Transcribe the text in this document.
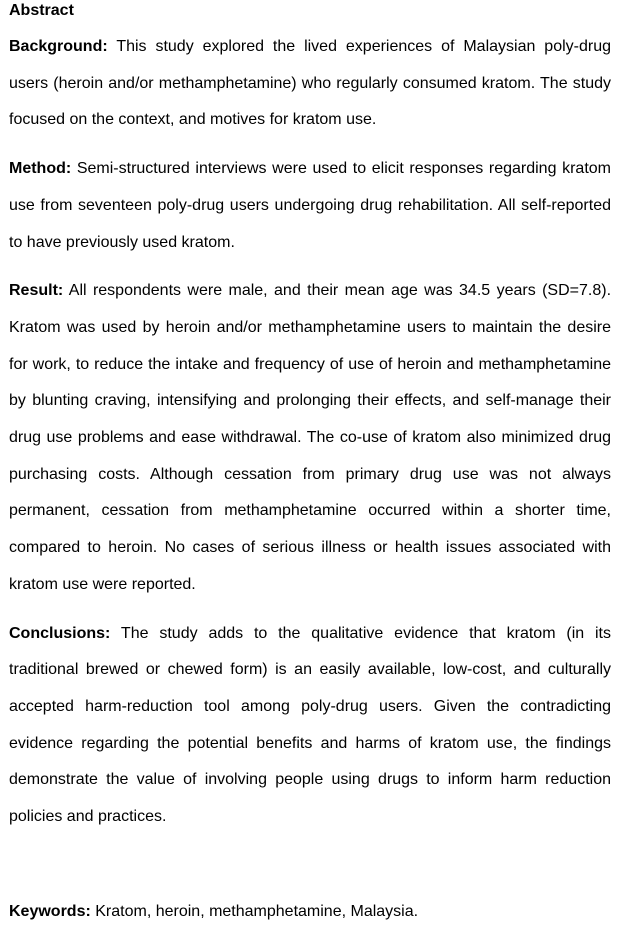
Abstract

Background: This study explored the lived experiences of Malaysian poly-drug users (heroin and/or methamphetamine) who regularly consumed kratom. The study focused on the context, and motives for kratom use.

Method: Semi-structured interviews were used to elicit responses regarding kratom use from seventeen poly-drug users undergoing drug rehabilitation. All self-reported to have previously used kratom.

Result: All respondents were male, and their mean age was 34.5 years (SD=7.8). Kratom was used by heroin and/or methamphetamine users to maintain the desire for work, to reduce the intake and frequency of use of heroin and methamphetamine by blunting craving, intensifying and prolonging their effects, and self-manage their drug use problems and ease withdrawal. The co-use of kratom also minimized drug purchasing costs. Although cessation from primary drug use was not always permanent, cessation from methamphetamine occurred within a shorter time, compared to heroin. No cases of serious illness or health issues associated with kratom use were reported.

Conclusions: The study adds to the qualitative evidence that kratom (in its traditional brewed or chewed form) is an easily available, low-cost, and culturally accepted harm-reduction tool among poly-drug users. Given the contradicting evidence regarding the potential benefits and harms of kratom use, the findings demonstrate the value of involving people using drugs to inform harm reduction policies and practices.

Keywords: Kratom, heroin, methamphetamine, Malaysia.
